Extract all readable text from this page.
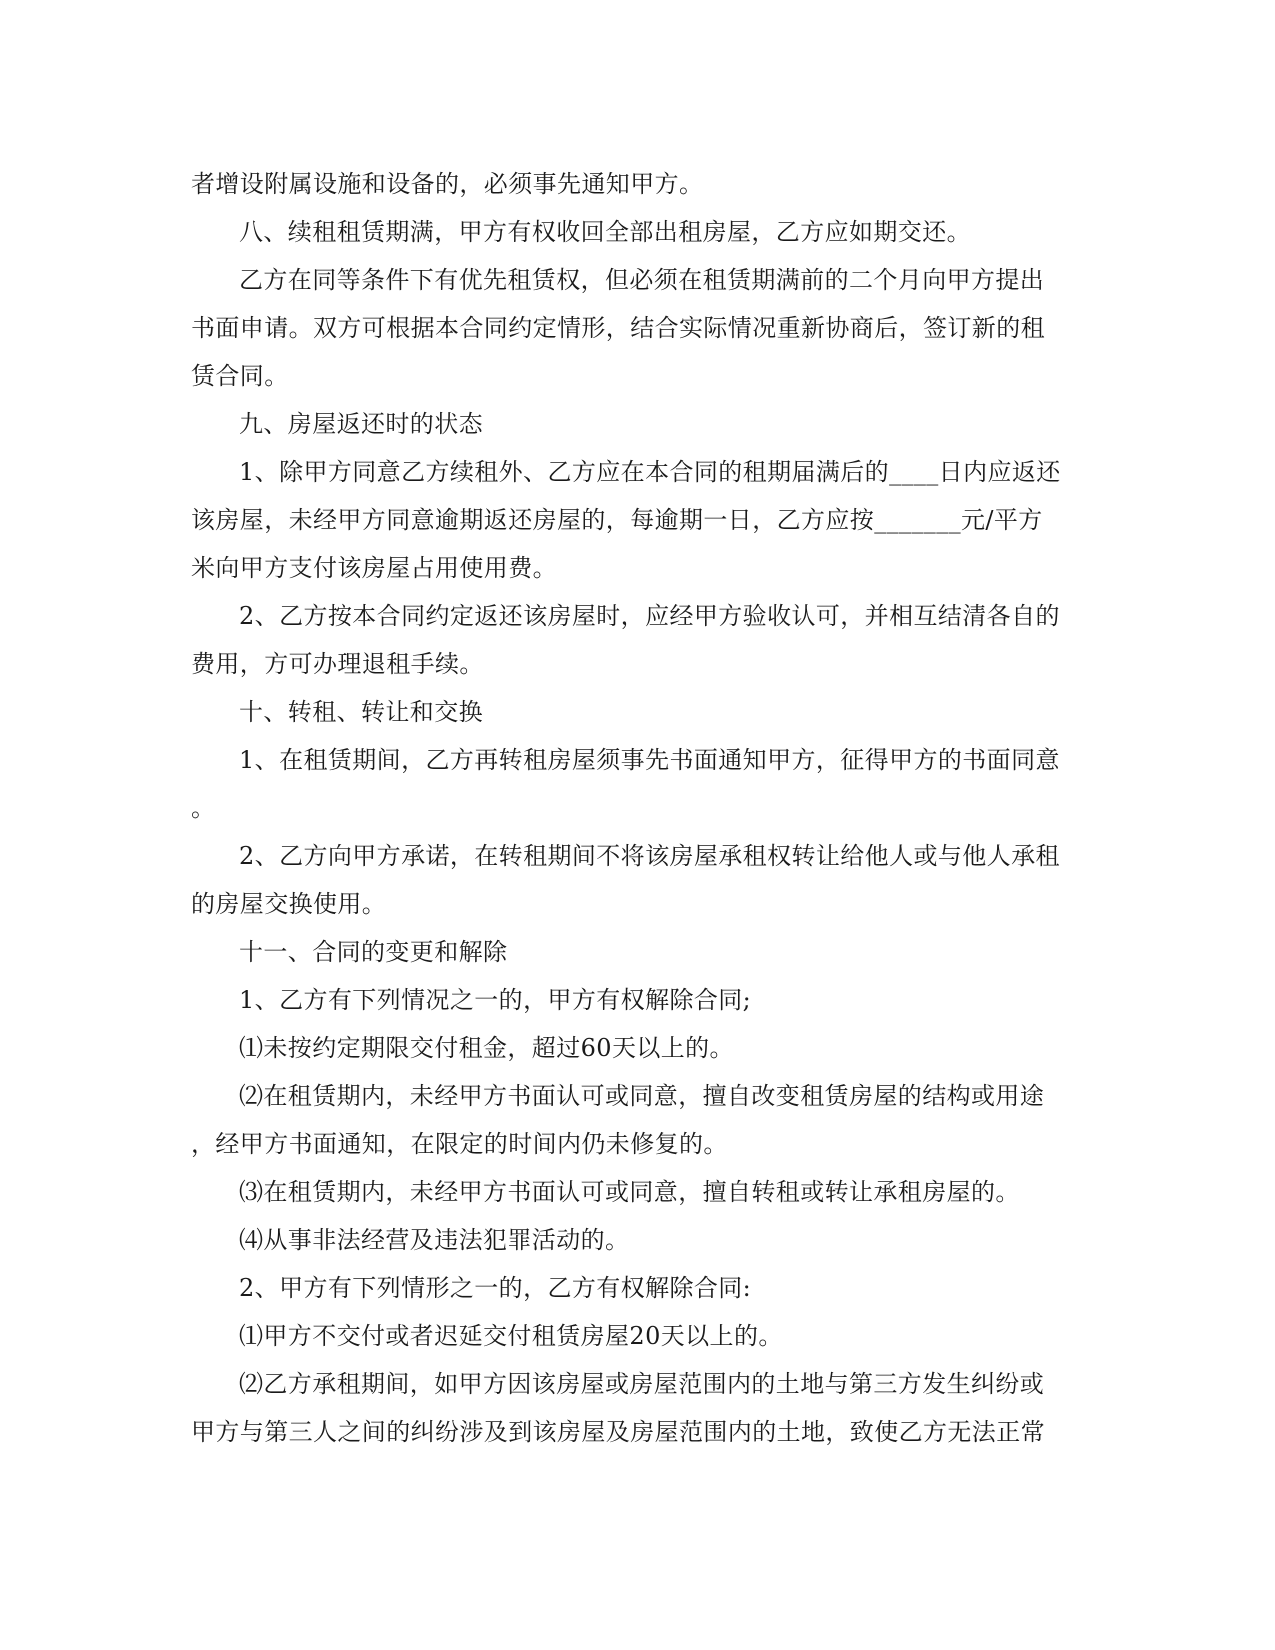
者增设附属设施和设备的，必须事先通知甲方。
八、续租租赁期满，甲方有权收回全部出租房屋，乙方应如期交还。
乙方在同等条件下有优先租赁权，但必须在租赁期满前的二个月向甲方提出
书面申请。双方可根据本合同约定情形，结合实际情况重新协商后，签订新的租
赁合同。
九、房屋返还时的状态
1、除甲方同意乙方续租外、乙方应在本合同的租期届满后的____日内应返还
该房屋，未经甲方同意逾期返还房屋的，每逾期一日，乙方应按_______元/平方
米向甲方支付该房屋占用使用费。
2、乙方按本合同约定返还该房屋时，应经甲方验收认可，并相互结清各自的
费用，方可办理退租手续。
十、转租、转让和交换
1、在租赁期间，乙方再转租房屋须事先书面通知甲方，征得甲方的书面同意
。
2、乙方向甲方承诺，在转租期间不将该房屋承租权转让给他人或与他人承租
的房屋交换使用。
十一、合同的变更和解除
1、乙方有下列情况之一的，甲方有权解除合同;
⑴未按约定期限交付租金，超过60天以上的。
⑵在租赁期内，未经甲方书面认可或同意，擅自改变租赁房屋的结构或用途
，经甲方书面通知，在限定的时间内仍未修复的。
⑶在租赁期内，未经甲方书面认可或同意，擅自转租或转让承租房屋的。
⑷从事非法经营及违法犯罪活动的。
2、甲方有下列情形之一的，乙方有权解除合同:
⑴甲方不交付或者迟延交付租赁房屋20天以上的。
⑵乙方承租期间，如甲方因该房屋或房屋范围内的土地与第三方发生纠纷或
甲方与第三人之间的纠纷涉及到该房屋及房屋范围内的土地，致使乙方无法正常
